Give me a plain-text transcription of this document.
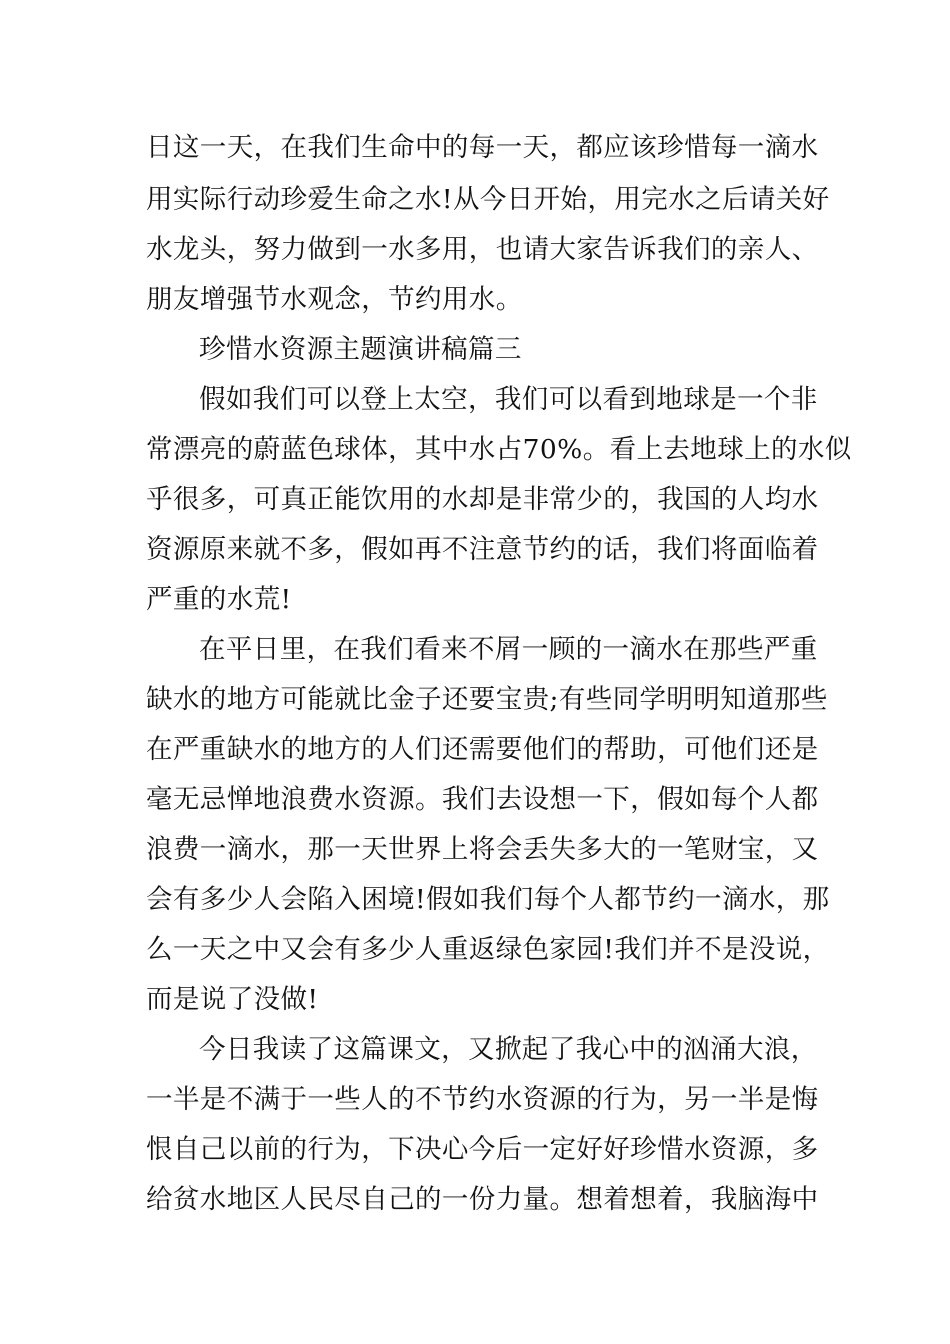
日这一天，在我们生命中的每一天，都应该珍惜每一滴水
用实际行动珍爱生命之水!从今日开始，用完水之后请关好
水龙头，努力做到一水多用，也请大家告诉我们的亲人、
朋友增强节水观念，节约用水。
珍惜水资源主题演讲稿篇三
假如我们可以登上太空，我们可以看到地球是一个非
常漂亮的蔚蓝色球体，其中水占70%。看上去地球上的水似
乎很多，可真正能饮用的水却是非常少的，我国的人均水
资源原来就不多，假如再不注意节约的话，我们将面临着
严重的水荒!
在平日里，在我们看来不屑一顾的一滴水在那些严重
缺水的地方可能就比金子还要宝贵;有些同学明明知道那些
在严重缺水的地方的人们还需要他们的帮助，可他们还是
毫无忌惮地浪费水资源。我们去设想一下，假如每个人都
浪费一滴水，那一天世界上将会丢失多大的一笔财宝，又
会有多少人会陷入困境!假如我们每个人都节约一滴水，那
么一天之中又会有多少人重返绿色家园!我们并不是没说，
而是说了没做!
今日我读了这篇课文，又掀起了我心中的汹涌大浪，
一半是不满于一些人的不节约水资源的行为，另一半是悔
恨自己以前的行为，下决心今后一定好好珍惜水资源，多
给贫水地区人民尽自己的一份力量。想着想着，我脑海中
